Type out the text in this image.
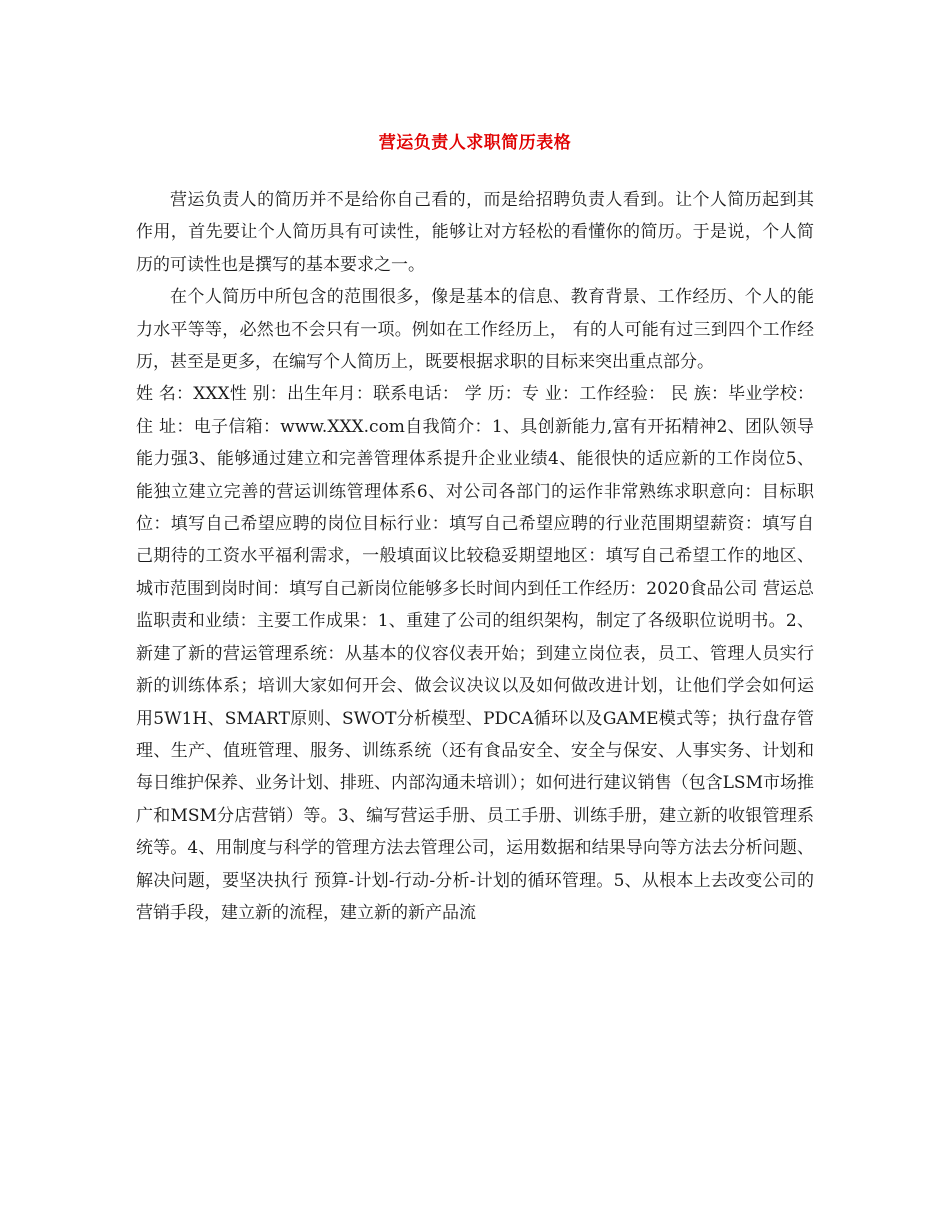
营运负责人求职简历表格

营运负责人的简历并不是给你自己看的，而是给招聘负责人看到。让个人简历起到其作用，首先要让个人简历具有可读性，能够让对方轻松的看懂你的简历。于是说，个人简历的可读性也是撰写的基本要求之一。

在个人简历中所包含的范围很多，像是基本的信息、教育背景、工作经历、个人的能力水平等等，必然也不会只有一项。例如在工作经历上， 有的人可能有过三到四个工作经历，甚至是更多，在编写个人简历上，既要根据求职的目标来突出重点部分。

姓 名：XXX性 别：出生年月：联系电话： 学 历：专 业：工作经验： 民 族：毕业学校：住 址：电子信箱：www.XXX.com自我简介：1、具创新能力,富有开拓精神2、团队领导能力强3、能够通过建立和完善管理体系提升企业业绩4、能很快的适应新的工作岗位5、能独立建立完善的营运训练管理体系6、对公司各部门的运作非常熟练求职意向：目标职位：填写自己希望应聘的岗位目标行业：填写自己希望应聘的行业范围期望薪资：填写自己期待的工资水平福利需求，一般填面议比较稳妥期望地区：填写自己希望工作的地区、城市范围到岗时间：填写自己新岗位能够多长时间内到任工作经历：2020食品公司 营运总监职责和业绩：主要工作成果：1、重建了公司的组织架构，制定了各级职位说明书。2、新建了新的营运管理系统：从基本的仪容仪表开始；到建立岗位表，员工、管理人员实行新的训练体系；培训大家如何开会、做会议决议以及如何做改进计划，让他们学会如何运用5W1H、SMART原则、SWOT分析模型、PDCA循环以及GAME模式等；执行盘存管理、生产、值班管理、服务、训练系统（还有食品安全、安全与保安、人事实务、计划和每日维护保养、业务计划、排班、内部沟通未培训）；如何进行建议销售（包含LSM市场推广和MSM分店营销）等。3、编写营运手册、员工手册、训练手册，建立新的收银管理系统等。4、用制度与科学的管理方法去管理公司，运用数据和结果导向等方法去分析问题、解决问题，要坚决执行 预算-计划-行动-分析-计划的循环管理。5、从根本上去改变公司的营销手段，建立新的流程，建立新的新产品流
